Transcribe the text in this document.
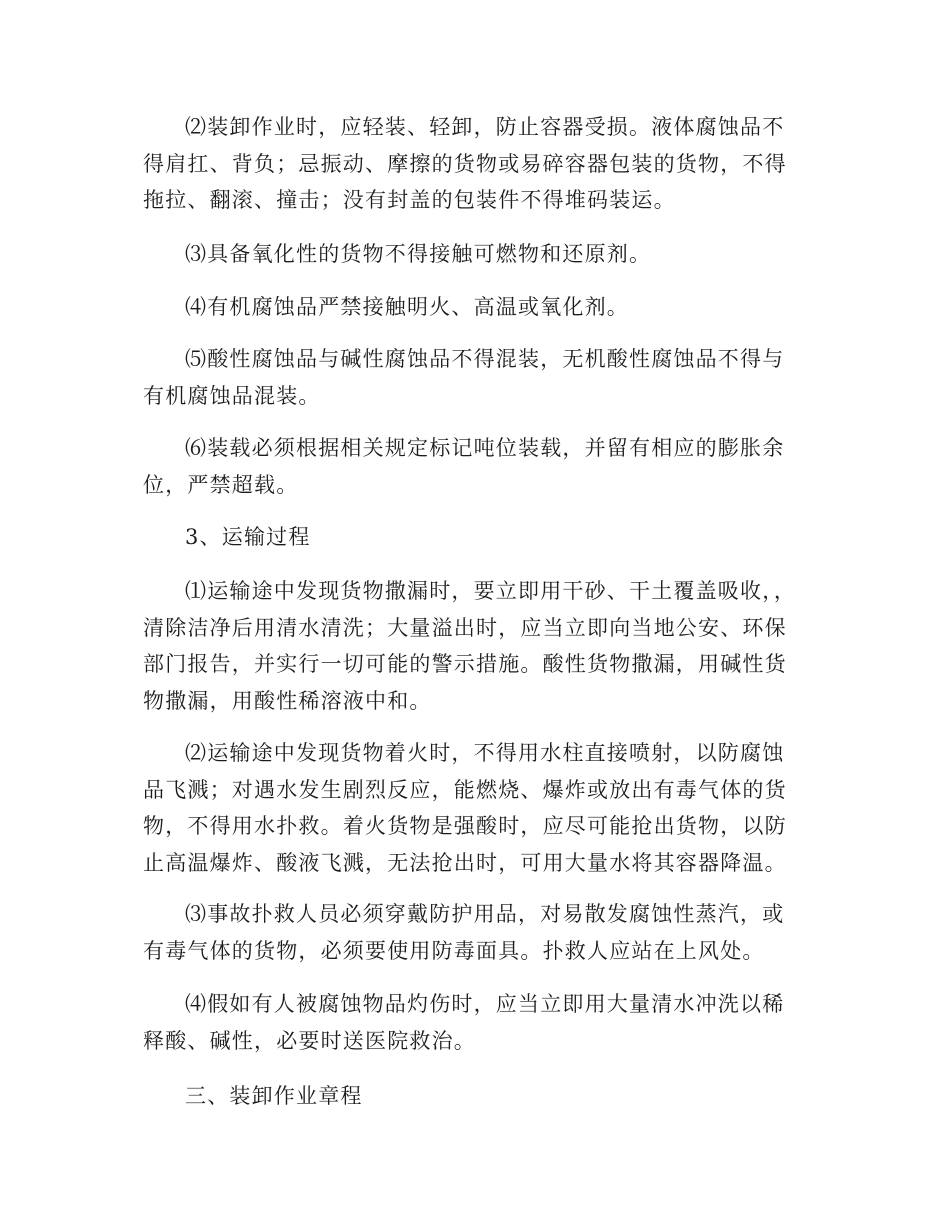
⑵装卸作业时，应轻装、轻卸，防止容器受损。液体腐蚀品不得肩扛、背负；忌振动、摩擦的货物或易碎容器包装的货物，不得拖拉、翻滚、撞击；没有封盖的包装件不得堆码装运。

⑶具备氧化性的货物不得接触可燃物和还原剂。

⑷有机腐蚀品严禁接触明火、高温或氧化剂。

⑸酸性腐蚀品与碱性腐蚀品不得混装，无机酸性腐蚀品不得与有机腐蚀品混装。

⑹装载必须根据相关规定标记吨位装载，并留有相应的膨胀余位，严禁超载。

3、运输过程

⑴运输途中发现货物撒漏时，要立即用干砂、干土覆盖吸收，，清除洁净后用清水清洗；大量溢出时，应当立即向当地公安、环保部门报告，并实行一切可能的警示措施。酸性货物撒漏，用碱性货物撒漏，用酸性稀溶液中和。

⑵运输途中发现货物着火时，不得用水柱直接喷射，以防腐蚀品飞溅；对遇水发生剧烈反应，能燃烧、爆炸或放出有毒气体的货物，不得用水扑救。着火货物是强酸时，应尽可能抢出货物，以防止高温爆炸、酸液飞溅，无法抢出时，可用大量水将其容器降温。

⑶事故扑救人员必须穿戴防护用品，对易散发腐蚀性蒸汽，或有毒气体的货物，必须要使用防毒面具。扑救人应站在上风处。

⑷假如有人被腐蚀物品灼伤时，应当立即用大量清水冲洗以稀释酸、碱性，必要时送医院救治。

三、装卸作业章程
